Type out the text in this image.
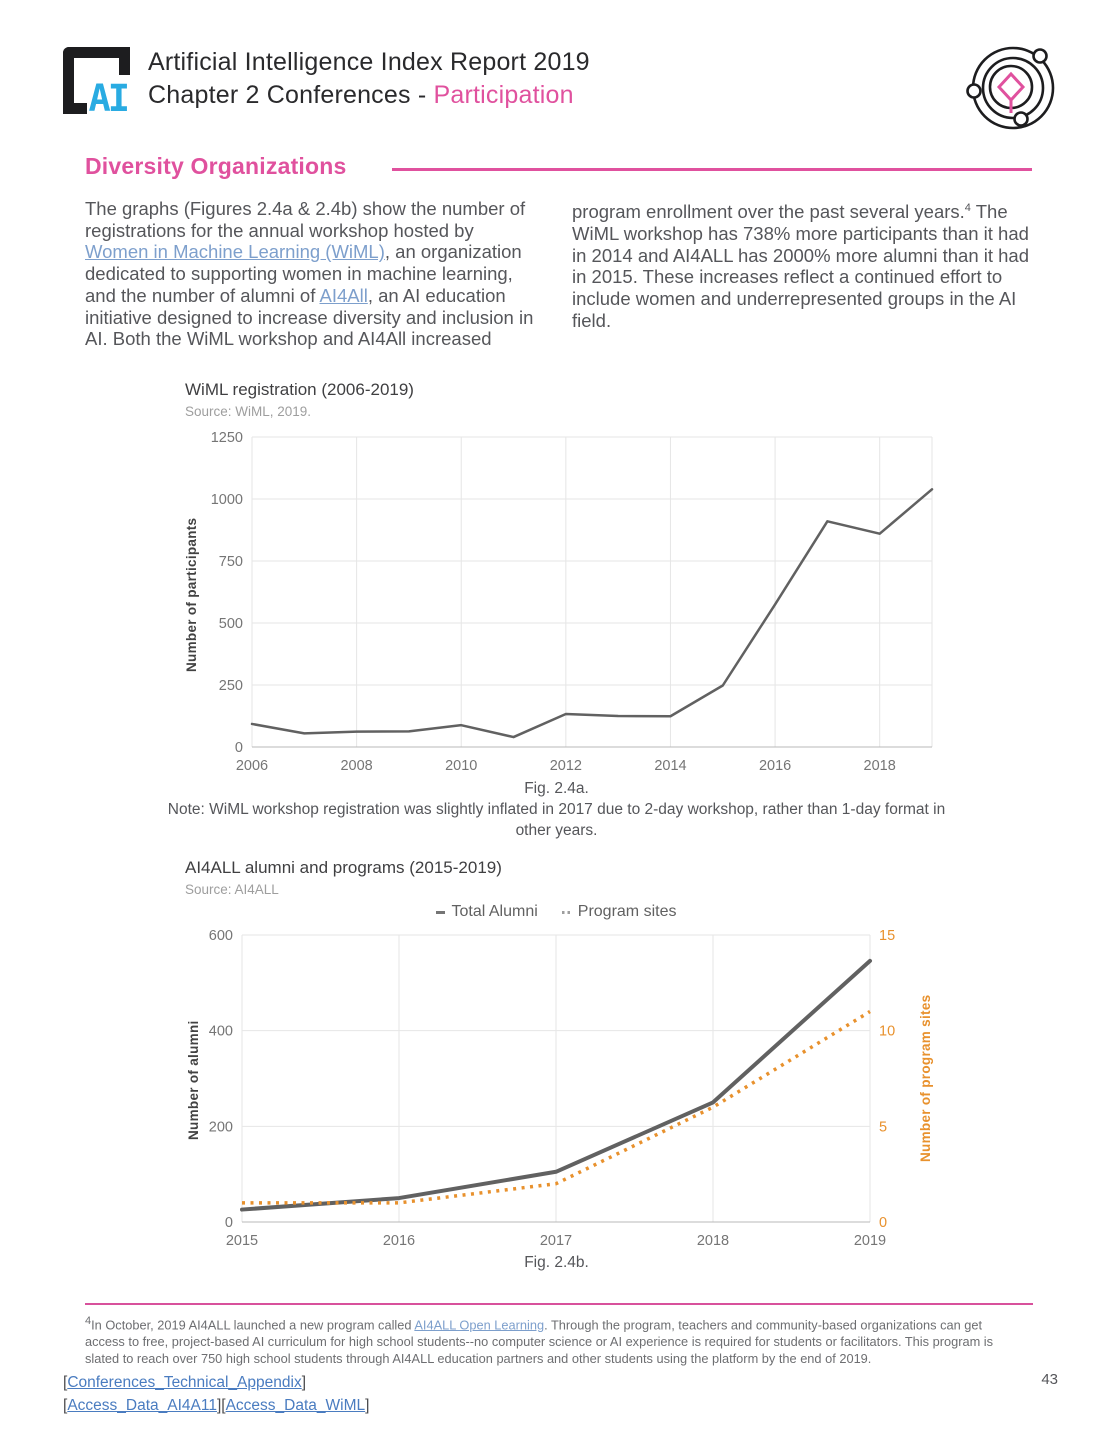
AI
Artificial Intelligence Index Report 2019
Chapter 2 Conferences - Participation
Diversity Organizations
The graphs (Figures 2.4a & 2.4b) show the number of registrations for the annual workshop hosted by Women in Machine Learning (WiML), an organization dedicated to supporting women in machine learning, and the number of alumni of AI4All, an AI education initiative designed to increase diversity and inclusion in AI. Both the WiML workshop and AI4All increased
program enrollment over the past several years.$^4$ The WiML workshop has 738% more participants than it had in 2014 and AI4ALL has 2000% more alumni than it had in 2015. These increases reflect a continued effort to include women and underrepresented groups in the AI field.
WiML registration (2006-2019)
Source: WiML, 2019.
Number of participants
0
250
500
750
1000
1250
2006	2008	2010	2012	2014	2016	2018
Fig. 2.4a.
Note: WiML workshop registration was slightly inflated in 2017 due to 2-day workshop, rather than 1-day format in other years.
AI4ALL alumni and programs (2015-2019)
Source: AI4ALL
Total Alumni	Program sites
Number of alumni	Number of program sites
0
200
400
600
0
5
10
15
2015	2016	2017	2018	2019
Fig. 2.4b.
$^4$In October, 2019 AI4ALL launched a new program called AI4ALL Open Learning. Through the program, teachers and community-based organizations can get access to free, project-based AI curriculum for high school students--no computer science or AI experience is required for students or facilitators. This program is slated to reach over 750 high school students through AI4ALL education partners and other students using the platform by the end of 2019.
[Conferences_Technical_Appendix]
[Access_Data_AI4A11][Access_Data_WiML]
43
